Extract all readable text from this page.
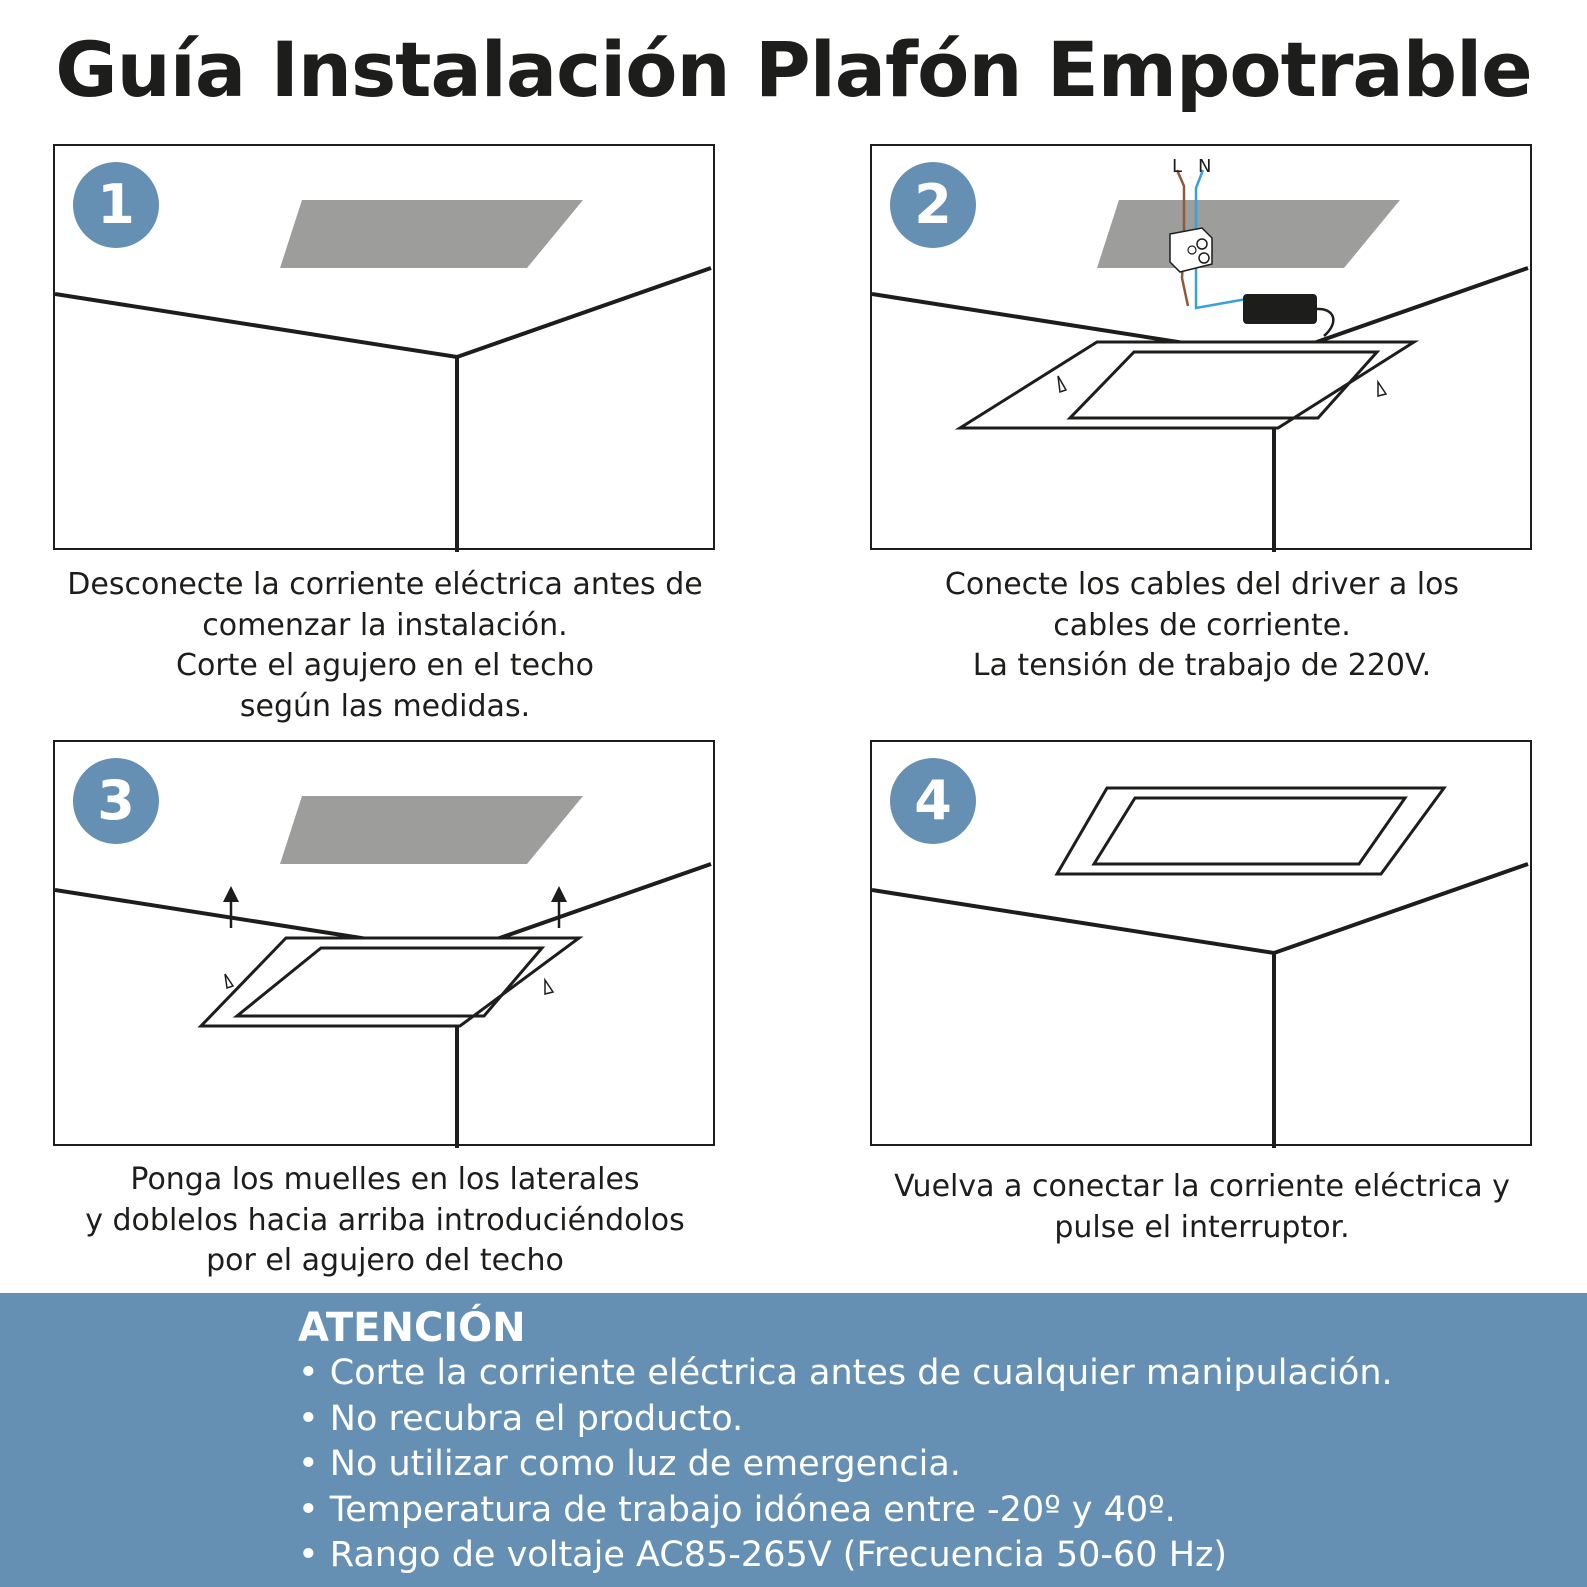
Guía Instalación Plafón Empotrable
1
Desconecte la corriente eléctrica antes de
comenzar la instalación.
Corte el agujero en el techo
según las medidas.
L N
2
Conecte los cables del driver a los
cables de corriente.
La tensión de trabajo de 220V.
3
Ponga los muelles en los laterales
y doblelos hacia arriba introduciéndolos
por el agujero del techo
4
Vuelva a conectar la corriente eléctrica y
pulse el interruptor.
ATENCIÓN
• Corte la corriente eléctrica antes de cualquier manipulación.
• No recubra el producto.
• No utilizar como luz de emergencia.
• Temperatura de trabajo idónea entre -20º y 40º.
• Rango de voltaje AC85-265V (Frecuencia 50-60 Hz)
